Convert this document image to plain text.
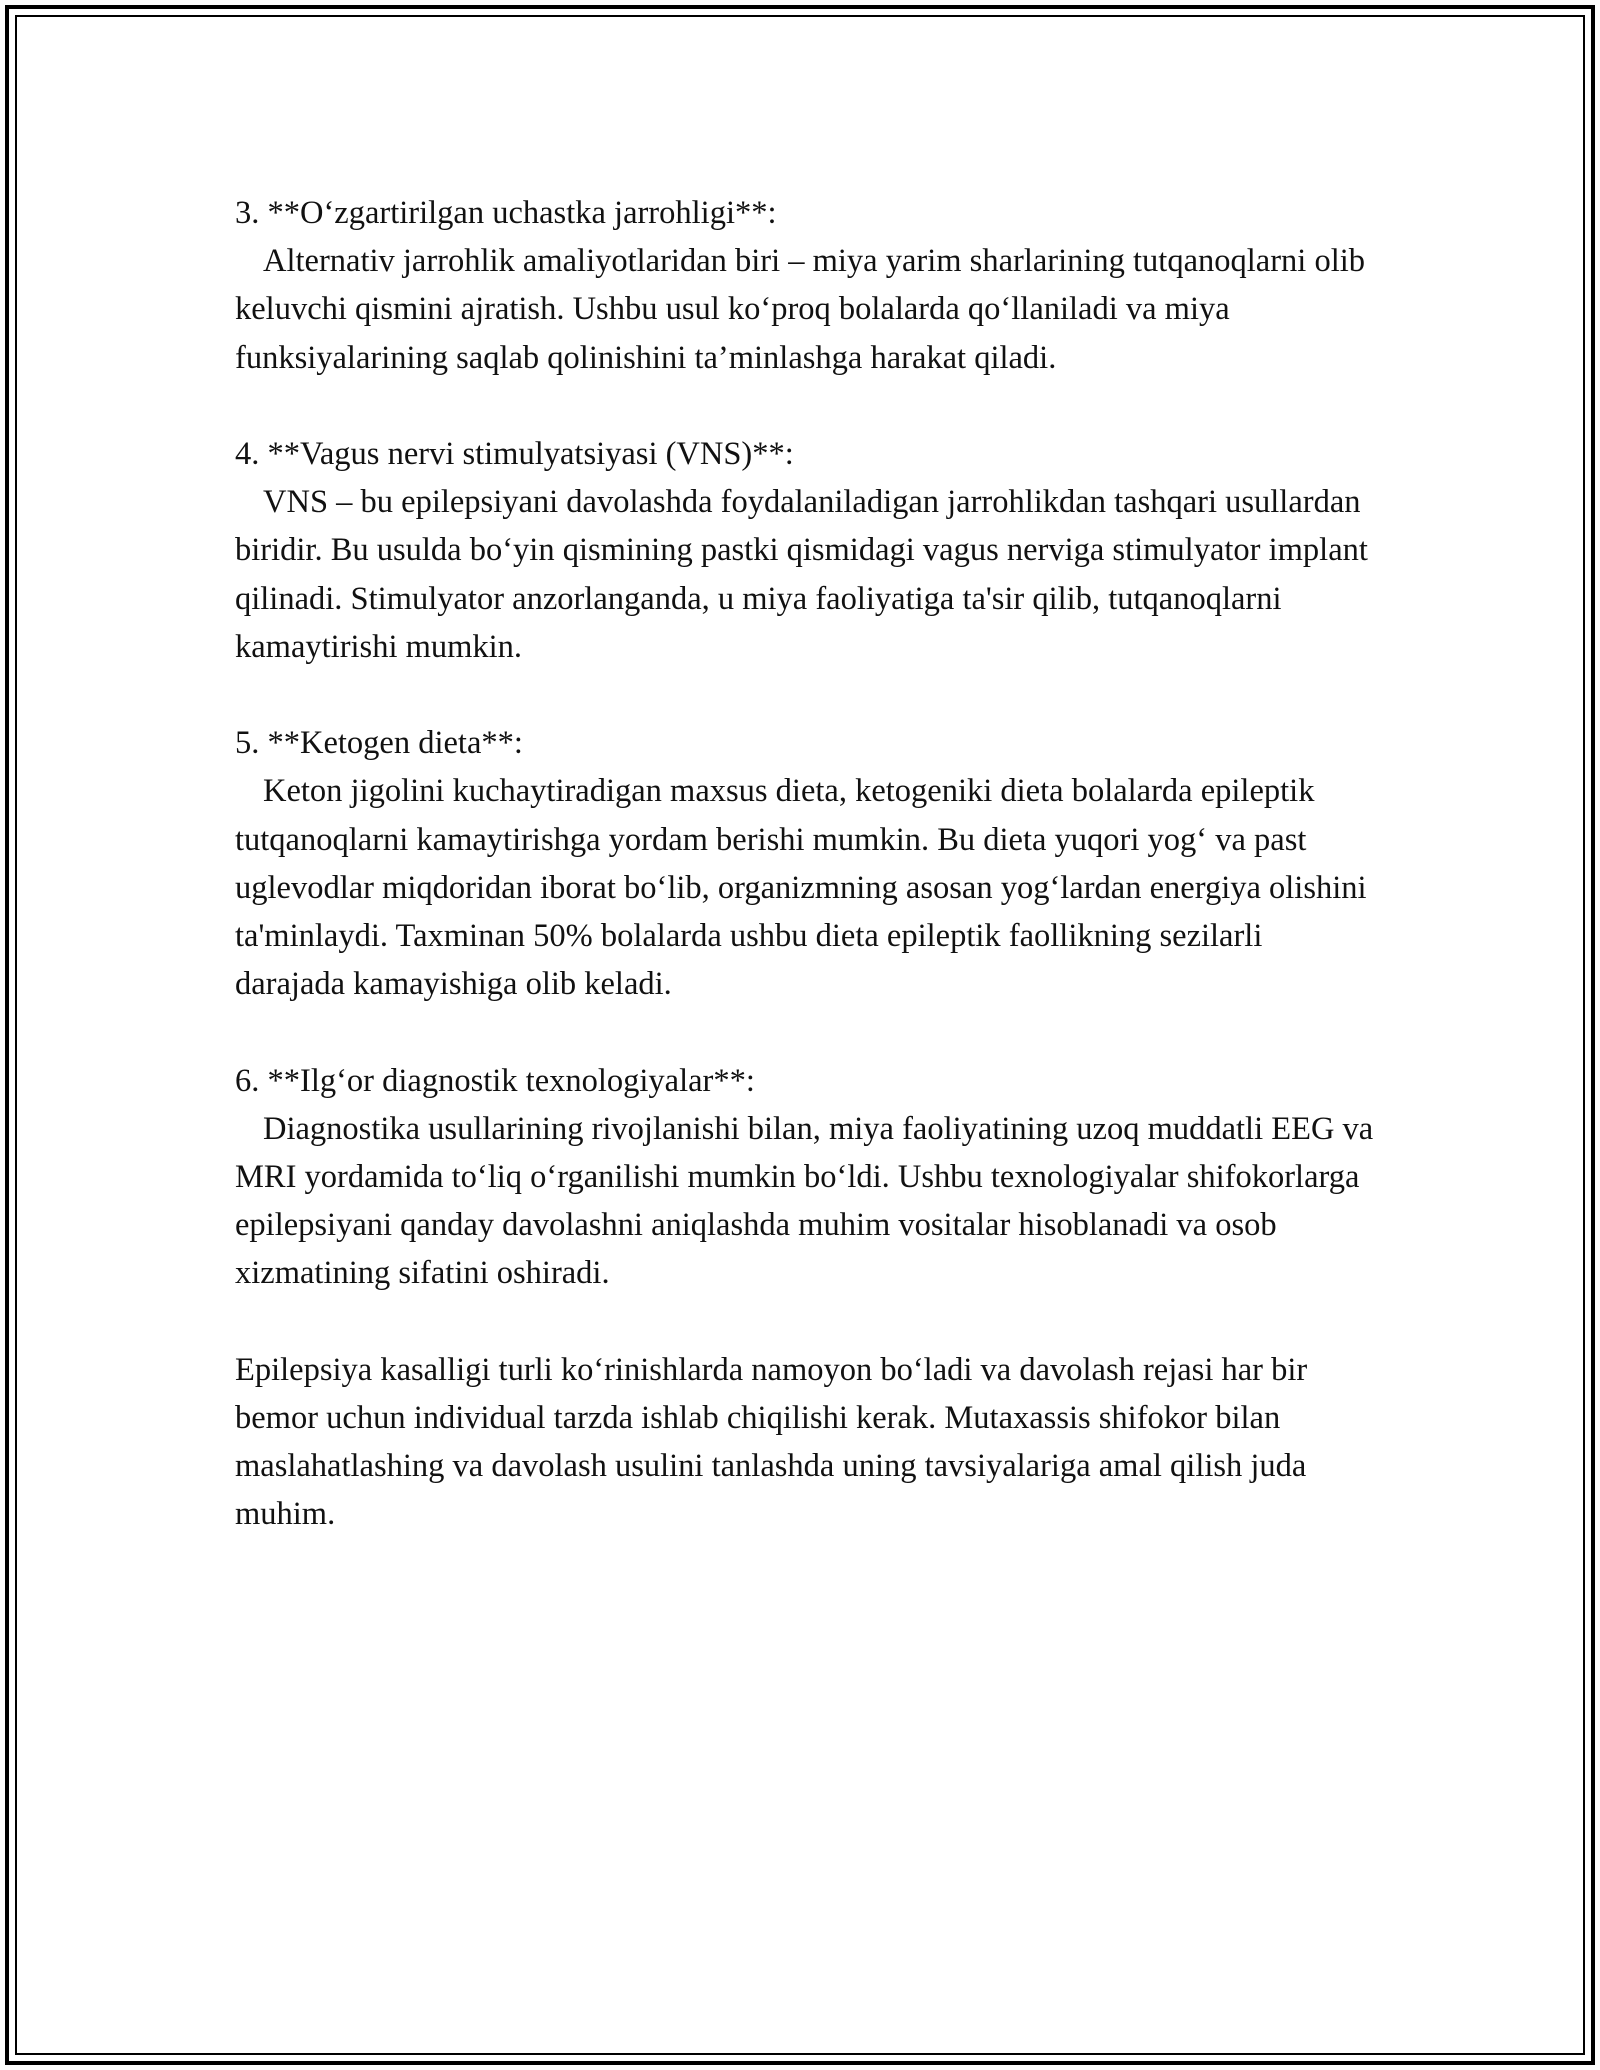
3. **O‘zgartirilgan uchastka jarrohligi**:

Alternativ jarrohlik amaliyotlaridan biri – miya yarim sharlarining tutqanoqlarni olib keluvchi qismini ajratish. Ushbu usul ko‘proq bolalarda qo‘llaniladi va miya funksiyalarining saqlab qolinishini ta’minlashga harakat qiladi.

4. **Vagus nervi stimulyatsiyasi (VNS)**:

VNS – bu epilepsiyani davolashda foydalaniladigan jarrohlikdan tashqari usullardan biridir. Bu usulda bo‘yin qismining pastki qismidagi vagus nerviga stimulyator implant qilinadi. Stimulyator anzorlanganda, u miya faoliyatiga ta'sir qilib, tutqanoqlarni kamaytirishi mumkin.

5. **Ketogen dieta**:

Keton jigolini kuchaytiradigan maxsus dieta, ketogeniki dieta bolalarda epileptik tutqanoqlarni kamaytirishga yordam berishi mumkin. Bu dieta yuqori yog‘ va past uglevodlar miqdoridan iborat bo‘lib, organizmning asosan yog‘lardan energiya olishini ta'minlaydi. Taxminan 50% bolalarda ushbu dieta epileptik faollikning sezilarli darajada kamayishiga olib keladi.

6. **Ilg‘or diagnostik texnologiyalar**:

Diagnostika usullarining rivojlanishi bilan, miya faoliyatining uzoq muddatli EEG va MRI yordamida to‘liq o‘rganilishi mumkin bo‘ldi. Ushbu texnologiyalar shifokorlarga epilepsiyani qanday davolashni aniqlashda muhim vositalar hisoblanadi va osob xizmatining sifatini oshiradi.

Epilepsiya kasalligi turli ko‘rinishlarda namoyon bo‘ladi va davolash rejasi har bir bemor uchun individual tarzda ishlab chiqilishi kerak. Mutaxassis shifokor bilan maslahatlashing va davolash usulini tanlashda uning tavsiyalariga amal qilish juda muhim.
